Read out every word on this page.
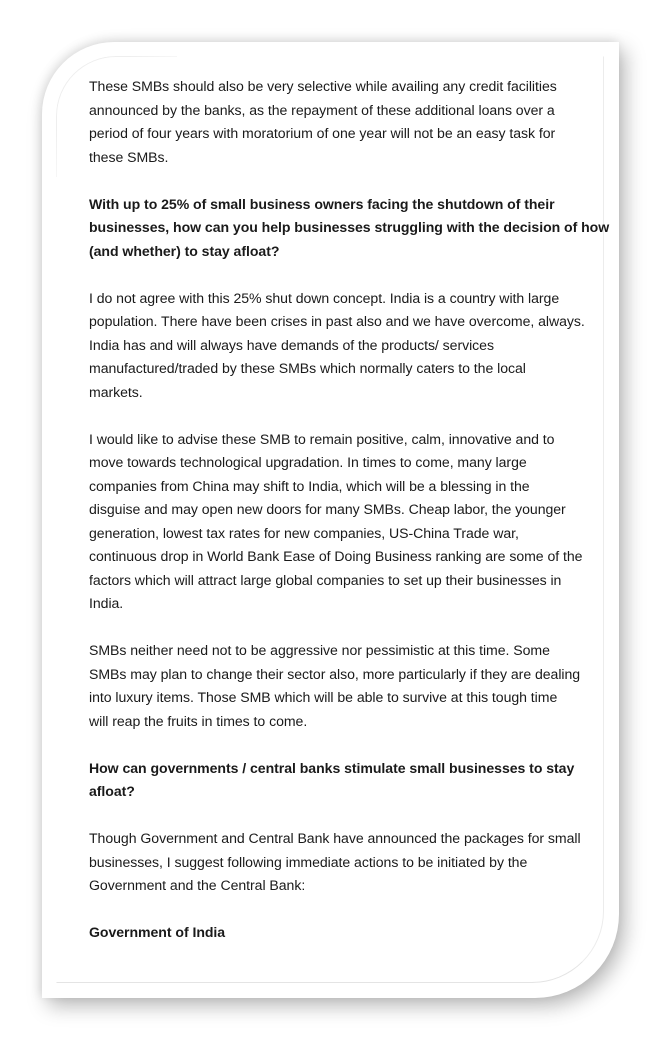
These SMBs should also be very selective while availing any credit facilities
announced by the banks, as the repayment of these additional loans over a
period of four years with moratorium of one year will not be an easy task for
these SMBs.

With up to 25% of small business owners facing the shutdown of their
businesses, how can you help businesses struggling with the decision of how
(and whether) to stay afloat?

I do not agree with this 25% shut down concept. India is a country with large
population. There have been crises in past also and we have overcome, always.
India has and will always have demands of the products/ services
manufactured/traded by these SMBs which normally caters to the local
markets.

I would like to advise these SMB to remain positive, calm, innovative and to
move towards technological upgradation. In times to come, many large
companies from China may shift to India, which will be a blessing in the
disguise and may open new doors for many SMBs. Cheap labor, the younger
generation, lowest tax rates for new companies, US-China Trade war,
continuous drop in World Bank Ease of Doing Business ranking are some of the
factors which will attract large global companies to set up their businesses in
India.

SMBs neither need not to be aggressive nor pessimistic at this time. Some
SMBs may plan to change their sector also, more particularly if they are dealing
into luxury items. Those SMB which will be able to survive at this tough time
will reap the fruits in times to come.

How can governments / central banks stimulate small businesses to stay
afloat?

Though Government and Central Bank have announced the packages for small
businesses, I suggest following immediate actions to be initiated by the
Government and the Central Bank:

Government of India
